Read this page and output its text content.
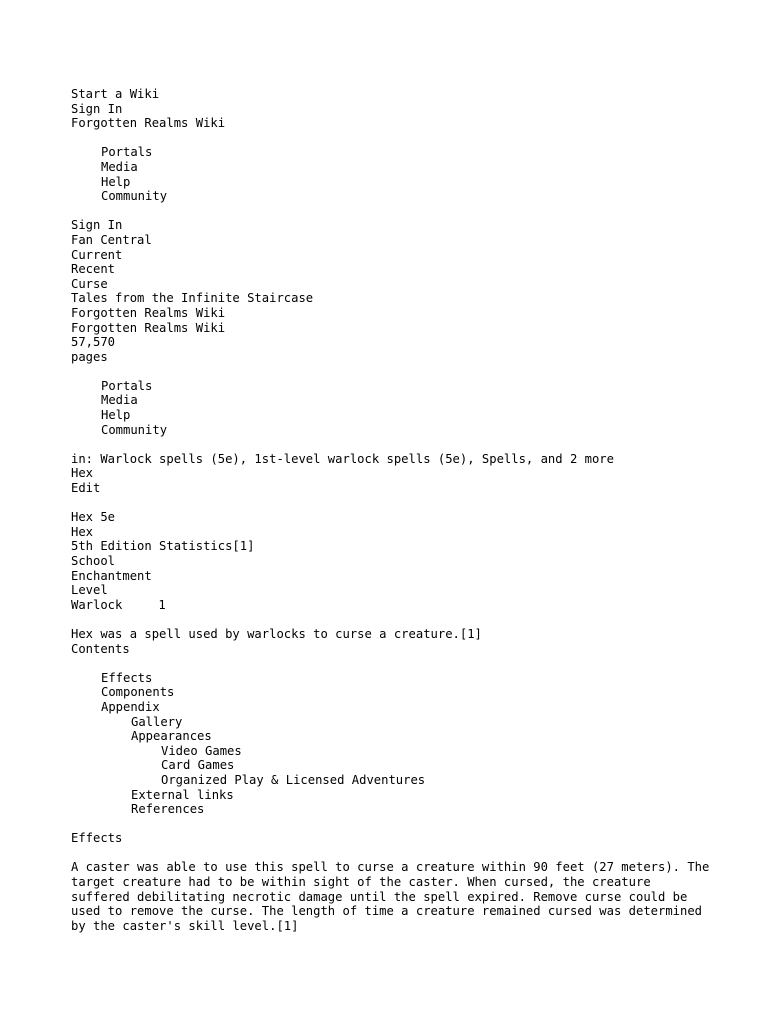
Start a Wiki
Sign In
Forgotten Realms Wiki
Portals
Media
Help
Community
Sign In
Fan Central
Current
Recent
Curse
Tales from the Infinite Staircase
Forgotten Realms Wiki
Forgotten Realms Wiki
57,570
pages
Portals
Media
Help
Community
in: Warlock spells (5e), 1st-level warlock spells (5e), Spells, and 2 more
Hex
Edit
Hex 5e
Hex
5th Edition Statistics[1]
School
Enchantment
Level
Warlock	1
Hex was a spell used by warlocks to curse a creature.[1]
Contents
Effects
Components
Appendix
Gallery
Appearances
Video Games
Card Games
Organized Play & Licensed Adventures
External links
References
Effects
A caster was able to use this spell to curse a creature within 90 feet (27 meters). The target creature had to be within sight of the caster. When cursed, the creature suffered debilitating necrotic damage until the spell expired. Remove curse could be used to remove the curse. The length of time a creature remained cursed was determined by the caster's skill level.[1]
